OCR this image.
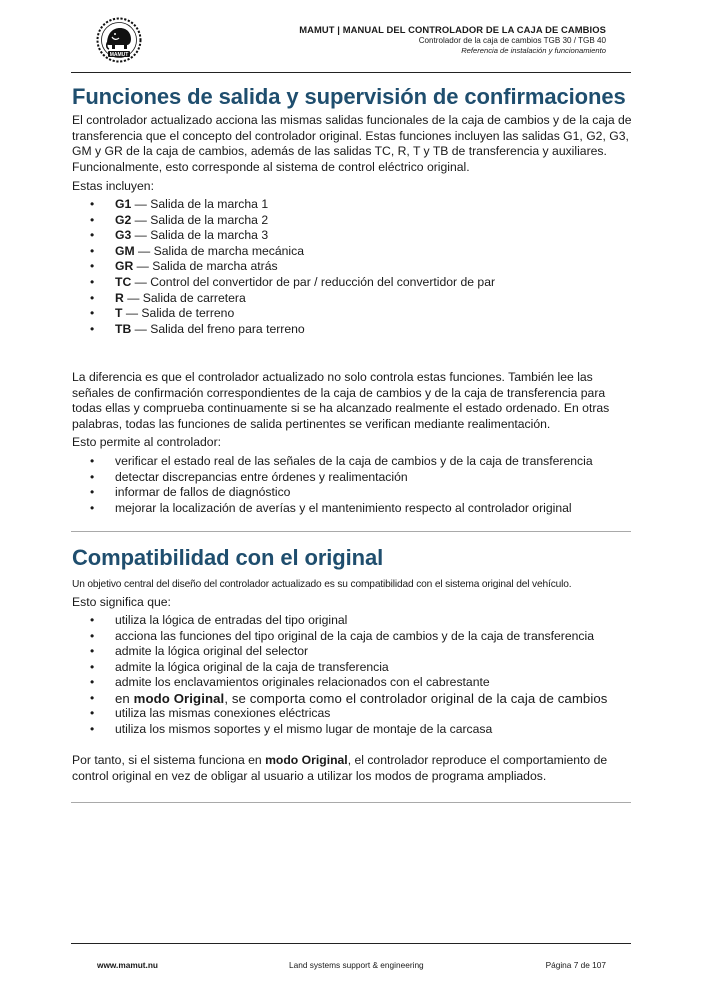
MAMUT
MAMUT | MANUAL DEL CONTROLADOR DE LA CAJA DE CAMBIOS
Controlador de la caja de cambios TGB 30 / TGB 40
Referencia de instalación y funcionamiento
Funciones de salida y supervisión de confirmaciones

El controlador actualizado acciona las mismas salidas funcionales de la caja de cambios y de la caja de transferencia que el concepto del controlador original. Estas funciones incluyen las salidas G1, G2, G3, GM y GR de la caja de cambios, además de las salidas TC, R, T y TB de transferencia y auxiliares. Funcionalmente, esto corresponde al sistema de control eléctrico original.

Estas incluyen:

• G1 — Salida de la marcha 1
• G2 — Salida de la marcha 2
• G3 — Salida de la marcha 3
• GM — Salida de marcha mecánica
• GR — Salida de marcha atrás
• TC — Control del convertidor de par / reducción del convertidor de par
• R — Salida de carretera
• T — Salida de terreno
• TB — Salida del freno para terreno

La diferencia es que el controlador actualizado no solo controla estas funciones. También lee las señales de confirmación correspondientes de la caja de cambios y de la caja de transferencia para todas ellas y comprueba continuamente si se ha alcanzado realmente el estado ordenado. En otras palabras, todas las funciones de salida pertinentes se verifican mediante realimentación.

Esto permite al controlador:

• verificar el estado real de las señales de la caja de cambios y de la caja de transferencia
• detectar discrepancias entre órdenes y realimentación
• informar de fallos de diagnóstico
• mejorar la localización de averías y el mantenimiento respecto al controlador original
Compatibilidad con el original

Un objetivo central del diseño del controlador actualizado es su compatibilidad con el sistema original del vehículo.

Esto significa que:

• utiliza la lógica de entradas del tipo original
• acciona las funciones del tipo original de la caja de cambios y de la caja de transferencia
• admite la lógica original del selector
• admite la lógica original de la caja de transferencia
• admite los enclavamientos originales relacionados con el cabrestante
• en modo Original, se comporta como el controlador original de la caja de cambios
• utiliza las mismas conexiones eléctricas
• utiliza los mismos soportes y el mismo lugar de montaje de la carcasa

Por tanto, si el sistema funciona en modo Original, el controlador reproduce el comportamiento de control original en vez de obligar al usuario a utilizar los modos de programa ampliados.

www.mamut.nu	Land systems support & engineering	Página 7 de 107
